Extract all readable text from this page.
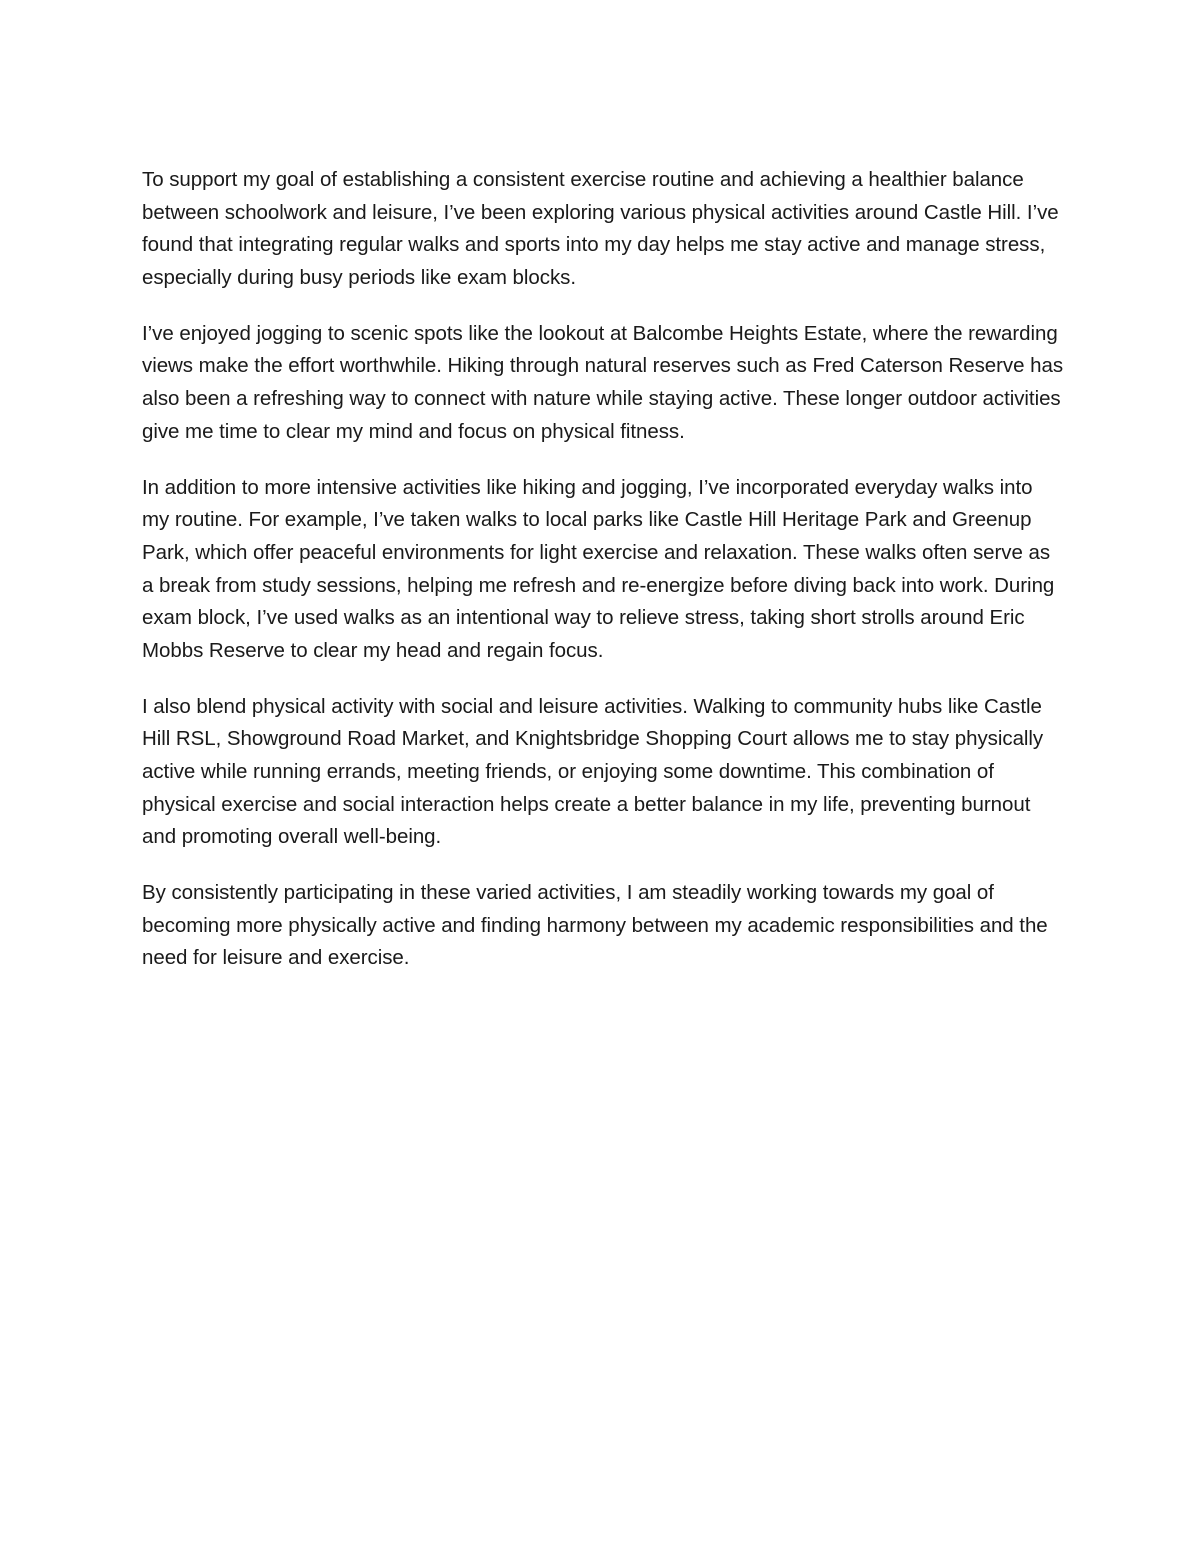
To support my goal of establishing a consistent exercise routine and achieving a healthier balance between schoolwork and leisure, I’ve been exploring various physical activities around Castle Hill. I’ve found that integrating regular walks and sports into my day helps me stay active and manage stress, especially during busy periods like exam blocks.

I’ve enjoyed jogging to scenic spots like the lookout at Balcombe Heights Estate, where the rewarding views make the effort worthwhile. Hiking through natural reserves such as Fred Caterson Reserve has also been a refreshing way to connect with nature while staying active. These longer outdoor activities give me time to clear my mind and focus on physical fitness.

In addition to more intensive activities like hiking and jogging, I’ve incorporated everyday walks into my routine. For example, I’ve taken walks to local parks like Castle Hill Heritage Park and Greenup Park, which offer peaceful environments for light exercise and relaxation. These walks often serve as a break from study sessions, helping me refresh and re-energize before diving back into work. During exam block, I’ve used walks as an intentional way to relieve stress, taking short strolls around Eric Mobbs Reserve to clear my head and regain focus.

I also blend physical activity with social and leisure activities. Walking to community hubs like Castle Hill RSL, Showground Road Market, and Knightsbridge Shopping Court allows me to stay physically active while running errands, meeting friends, or enjoying some downtime. This combination of physical exercise and social interaction helps create a better balance in my life, preventing burnout and promoting overall well-being.

By consistently participating in these varied activities, I am steadily working towards my goal of becoming more physically active and finding harmony between my academic responsibilities and the need for leisure and exercise.
